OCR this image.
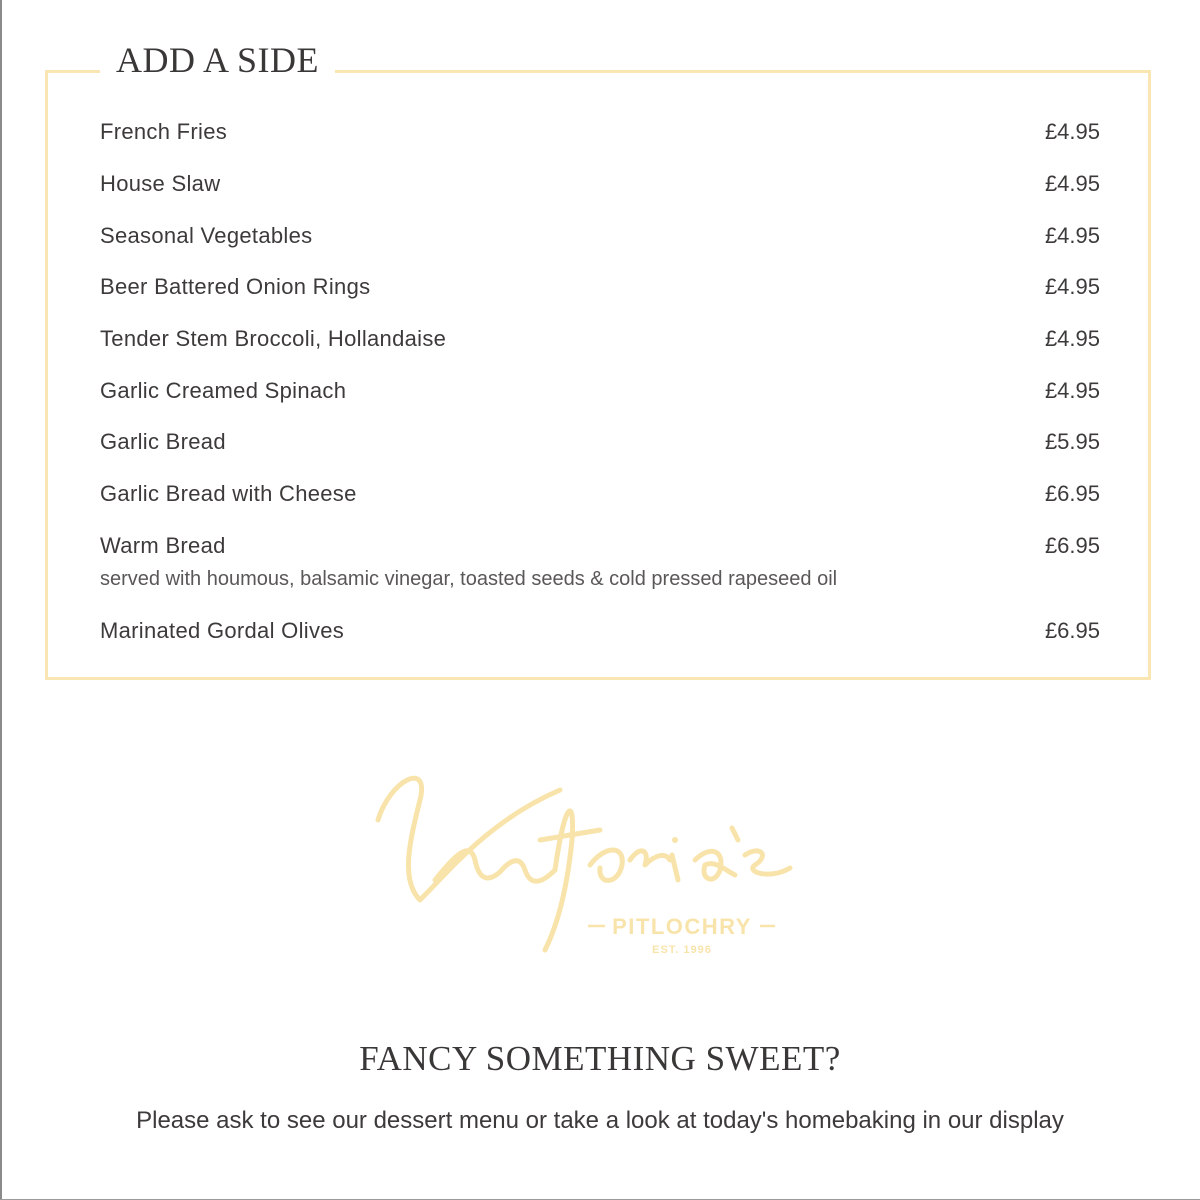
ADD A SIDE
French Fries	£4.95
House Slaw	£4.95
Seasonal Vegetables	£4.95
Beer Battered Onion Rings	£4.95
Tender Stem Broccoli, Hollandaise	£4.95
Garlic Creamed Spinach	£4.95
Garlic Bread	£5.95
Garlic Bread with Cheese	£6.95
Warm Bread	£6.95
served with houmous, balsamic vinegar, toasted seeds & cold pressed rapeseed oil
Marinated Gordal Olives	£6.95
PITLOCHRY
EST. 1996
FANCY SOMETHING SWEET?
Please ask to see our dessert menu or take a look at today's homebaking in our display
